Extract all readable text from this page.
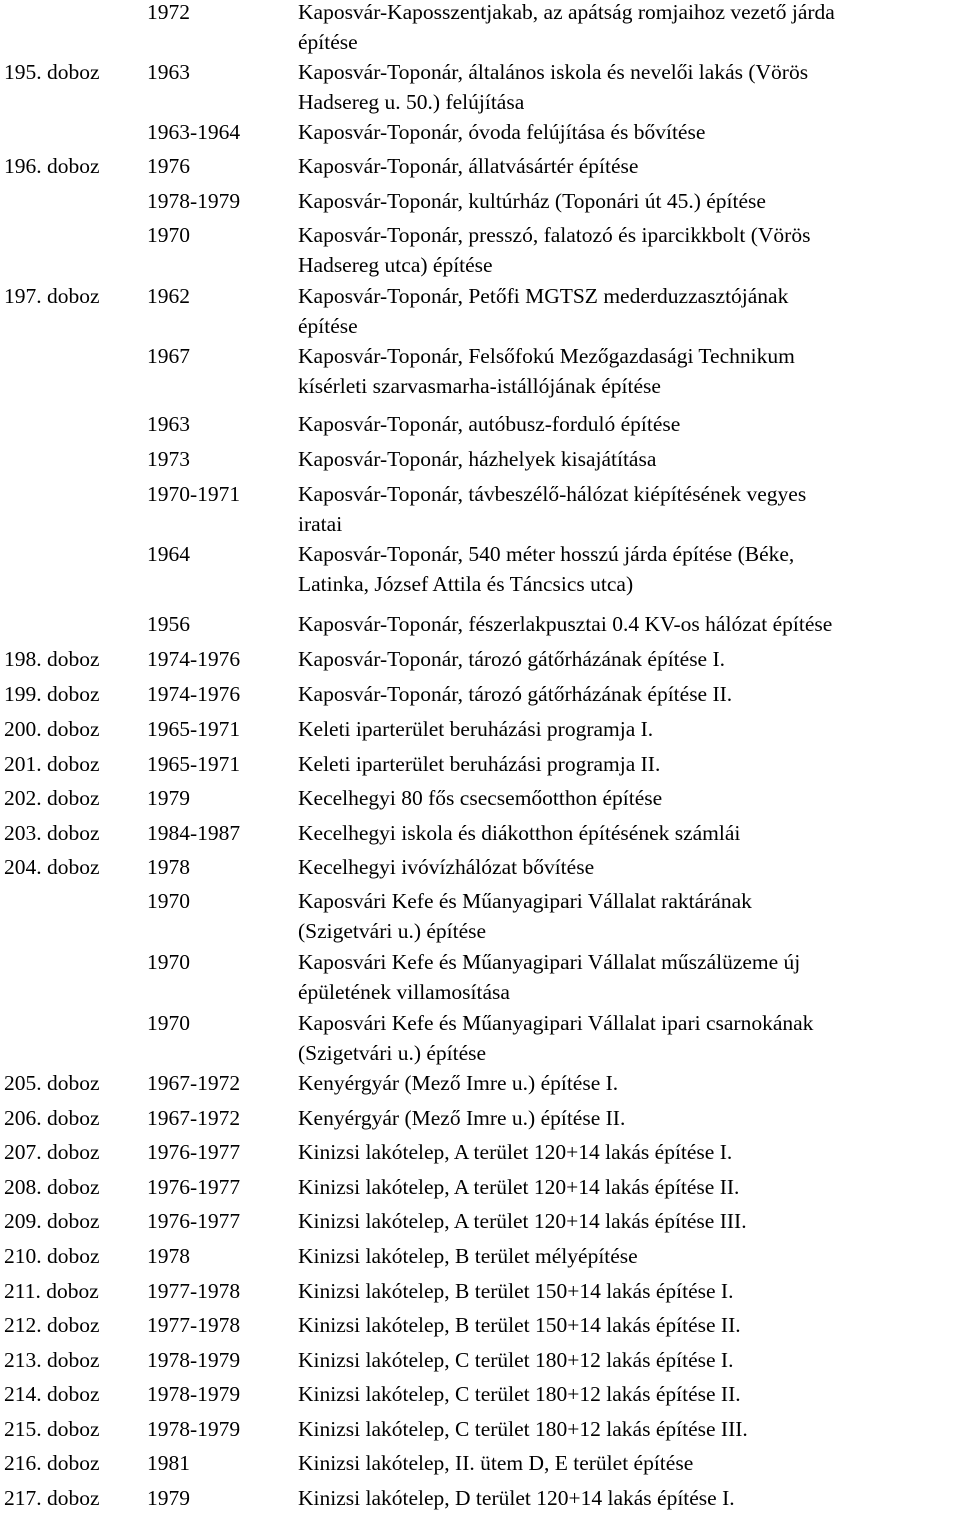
1972	Kaposvár-Kaposszentjakab, az apátság romjaihoz vezető járda
építése
195. doboz 1963	Kaposvár-Toponár, általános iskola és nevelői lakás (Vörös
Hadsereg u. 50.) felújítása
1963-1964	Kaposvár-Toponár, óvoda felújítása és bővítése
196. doboz 1976	Kaposvár-Toponár, állatvásártér építése
1978-1979	Kaposvár-Toponár, kultúrház (Toponári út 45.) építése
1970	Kaposvár-Toponár, presszó, falatozó és iparcikkbolt (Vörös
Hadsereg utca) építése
197. doboz 1962	Kaposvár-Toponár, Petőfi MGTSZ mederduzzasztójának
építése
1967	Kaposvár-Toponár, Felsőfokú Mezőgazdasági Technikum
kísérleti szarvasmarha-istállójának építése
1963	Kaposvár-Toponár, autóbusz-forduló építése
1973	Kaposvár-Toponár, házhelyek kisajátítása
1970-1971	Kaposvár-Toponár, távbeszélő-hálózat kiépítésének vegyes
iratai
1964	Kaposvár-Toponár, 540 méter hosszú járda építése (Béke,
Latinka, József Attila és Táncsics utca)
1956	Kaposvár-Toponár, fészerlakpusztai 0.4 KV-os hálózat építése
198. doboz 1974-1976	Kaposvár-Toponár, tározó gátőrházának építése I.
199. doboz 1974-1976	Kaposvár-Toponár, tározó gátőrházának építése II.
200. doboz 1965-1971	Keleti iparterület beruházási programja I.
201. doboz 1965-1971	Keleti iparterület beruházási programja II.
202. doboz 1979	Kecelhegyi 80 fős csecsemőotthon építése
203. doboz 1984-1987	Kecelhegyi iskola és diákotthon építésének számlái
204. doboz 1978	Kecelhegyi ivóvízhálózat bővítése
1970	Kaposvári Kefe és Műanyagipari Vállalat raktárának
(Szigetvári u.) építése
1970	Kaposvári Kefe és Műanyagipari Vállalat műszálüzeme új
épületének villamosítása
1970	Kaposvári Kefe és Műanyagipari Vállalat ipari csarnokának
(Szigetvári u.) építése
205. doboz 1967-1972	Kenyérgyár (Mező Imre u.) építése I.
206. doboz 1967-1972	Kenyérgyár (Mező Imre u.) építése II.
207. doboz 1976-1977	Kinizsi lakótelep, A terület 120+14 lakás építése I.
208. doboz 1976-1977	Kinizsi lakótelep, A terület 120+14 lakás építése II.
209. doboz 1976-1977	Kinizsi lakótelep, A terület 120+14 lakás építése III.
210. doboz 1978	Kinizsi lakótelep, B terület mélyépítése
211. doboz 1977-1978	Kinizsi lakótelep, B terület 150+14 lakás építése I.
212. doboz 1977-1978	Kinizsi lakótelep, B terület 150+14 lakás építése II.
213. doboz 1978-1979	Kinizsi lakótelep, C terület 180+12 lakás építése I.
214. doboz 1978-1979	Kinizsi lakótelep, C terület 180+12 lakás építése II.
215. doboz 1978-1979	Kinizsi lakótelep, C terület 180+12 lakás építése III.
216. doboz 1981	Kinizsi lakótelep, II. ütem D, E terület építése
217. doboz 1979	Kinizsi lakótelep, D terület 120+14 lakás építése I.
